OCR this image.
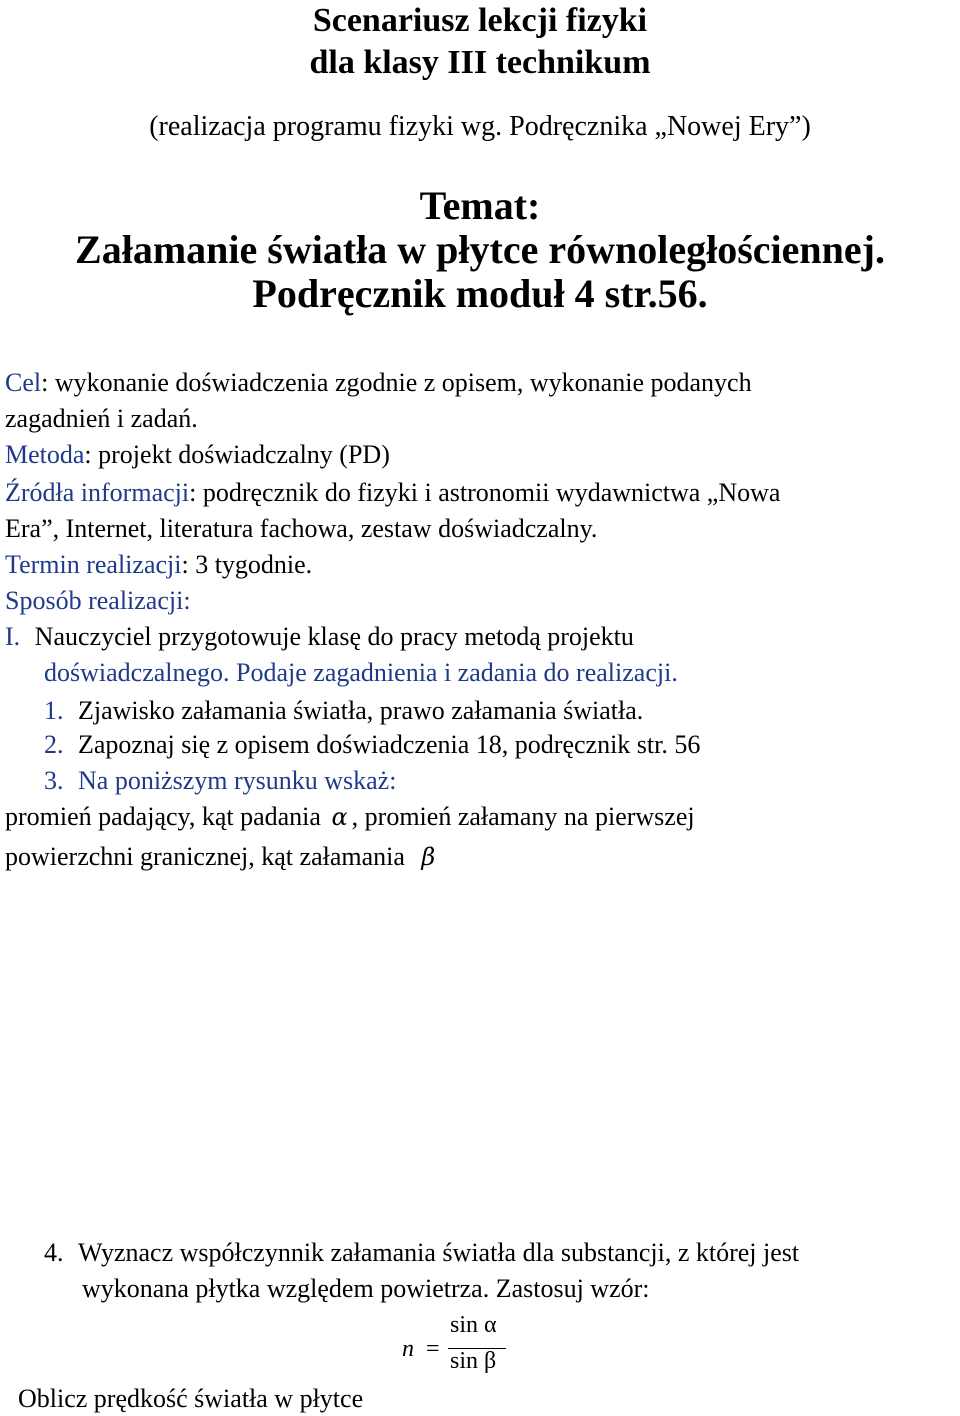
Scenariusz lekcji fizyki
dla klasy III technikum
(realizacja programu fizyki wg. Podręcznika „Nowej Ery”)
Temat:
Załamanie światła w płytce równoległościennej.
Podręcznik moduł 4 str.56.
Cel: wykonanie doświadczenia zgodnie z opisem, wykonanie podanych
zagadnień i zadań.
Metoda: projekt doświadczalny (PD)
Źródła informacji: podręcznik do fizyki i astronomii wydawnictwa „Nowa
Era”, Internet, literatura fachowa, zestaw doświadczalny.
Termin realizacji: 3 tygodnie.
Sposób realizacji:
I. Nauczyciel przygotowuje klasę do pracy metodą projektu
doświadczalnego. Podaje zagadnienia i zadania do realizacji.
1. Zjawisko załamania światła, prawo załamania światła.
2. Zapoznaj się z opisem doświadczenia 18, podręcznik str. 56
3. Na poniższym rysunku wskaż:
promień padający, kąt padania α , promień załamany na pierwszej
powierzchni granicznej, kąt załamania β
4. Wyznacz współczynnik załamania światła dla substancji, z której jest
wykonana płytka względem powietrza. Zastosuj wzór:
n =
sin α
sin β
Oblicz prędkość światła w płytce
